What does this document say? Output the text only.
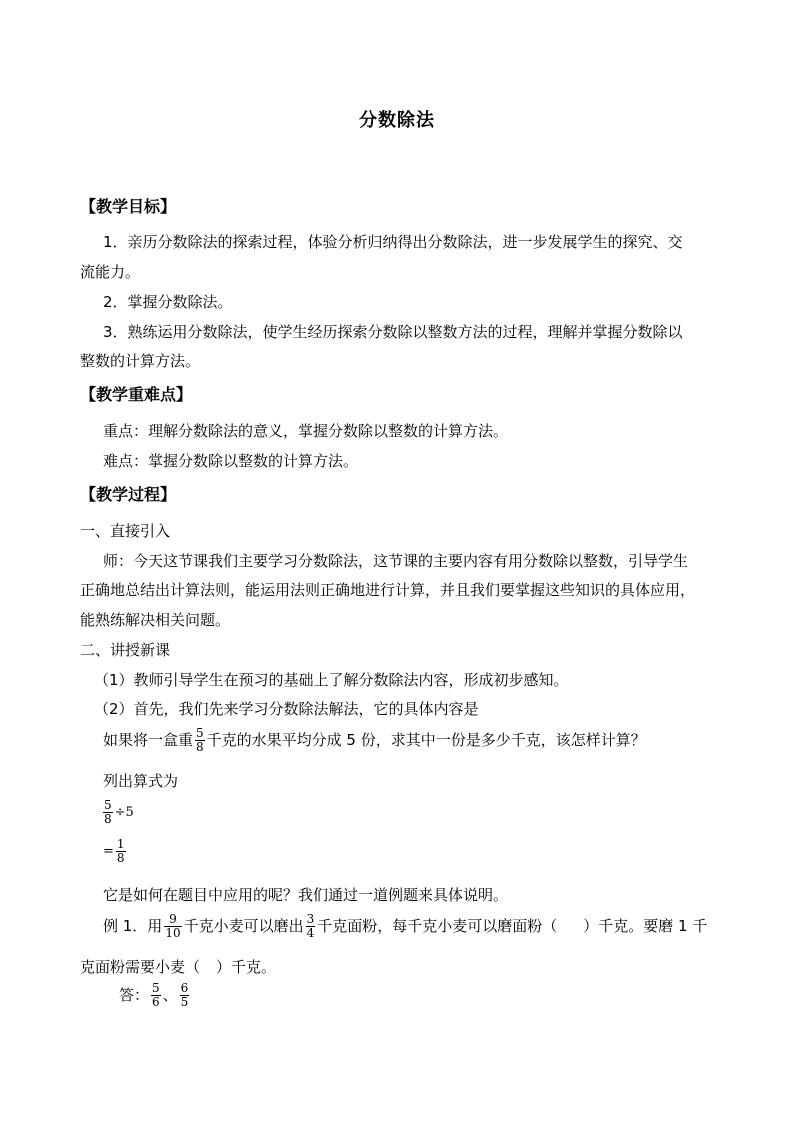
分数除法
【教学目标】
1．亲历分数除法的探索过程，体验分析归纳得出分数除法，进一步发展学生的探究、交
流能力。
2．掌握分数除法。
3．熟练运用分数除法，使学生经历探索分数除以整数方法的过程，理解并掌握分数除以
整数的计算方法。
【教学重难点】
重点：理解分数除法的意义，掌握分数除以整数的计算方法。
难点：掌握分数除以整数的计算方法。
【教学过程】
一、直接引入
师：今天这节课我们主要学习分数除法，这节课的主要内容有用分数除以整数，引导学生
正确地总结出计算法则，能运用法则正确地进行计算，并且我们要掌握这些知识的具体应用，
能熟练解决相关问题。
二、讲授新课
（1）教师引导学生在预习的基础上了解分数除法内容，形成初步感知。
（2）首先，我们先来学习分数除法解法，它的具体内容是
如果将一盒重 $\frac{5}{8}$ 千克的水果平均分成 5 份，求其中一份是多少千克，该怎样计算？
列出算式为
$\frac{5}{8} \div 5$
= $\frac{1}{8}$
它是如何在题目中应用的呢？我们通过一道例题来具体说明。
例 1．用 $\frac{9}{10}$ 千克小麦可以磨出 $\frac{3}{4}$ 千克面粉，每千克小麦可以磨面粉（ ）千克。要磨 1 千
克面粉需要小麦（ ）千克。
答： $\frac{5}{6}$ 、 $\frac{6}{5}$
